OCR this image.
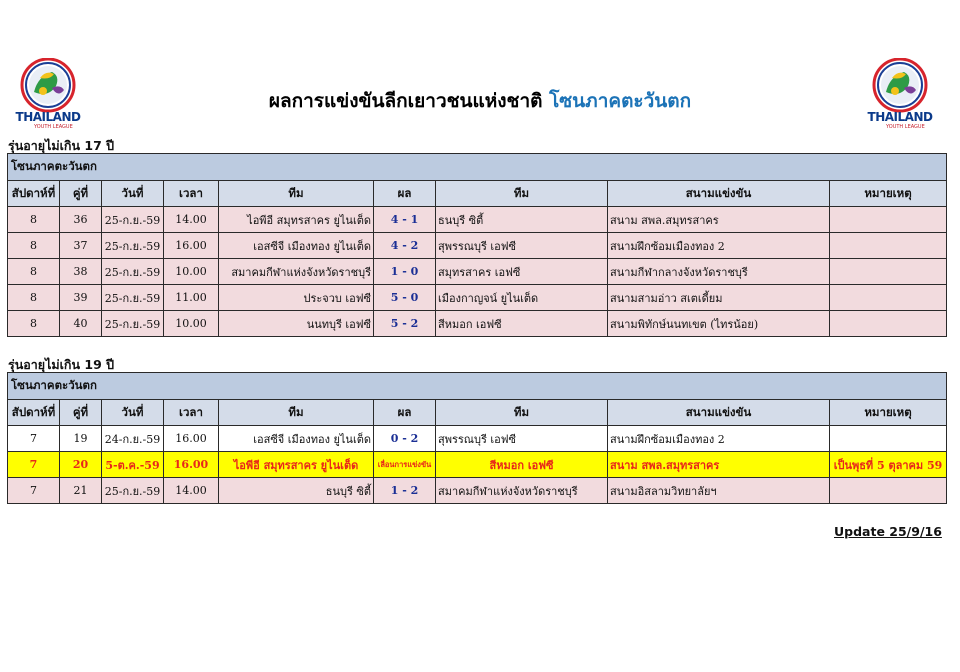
THAILAND
YOUTH LEAGUE
THAILAND
YOUTH LEAGUE
ผลการแข่งขันลีกเยาวชนแห่งชาติ โซนภาคตะวันตก
รุ่นอายุไม่เกิน 17 ปี
โซนภาคตะวันตก								
สัปดาห์ที่	คู่ที่	วันที่	เวลา	ทีม	ผล	ทีม	สนามแข่งขัน	หมายเหตุ
8	36	25-ก.ย.-59	14.00	ไอพีอี สมุทรสาคร ยูไนเต็ด	4 - 1	ธนบุรี ซิตี้	สนาม สพล.สมุทรสาคร	
8	37	25-ก.ย.-59	16.00	เอสซีจี เมืองทอง ยูไนเต็ด	4 - 2	สุพรรณบุรี เอฟซี	สนามฝึกซ้อมเมืองทอง 2	
8	38	25-ก.ย.-59	10.00	สมาคมกีฬาแห่งจังหวัดราชบุรี	1 - 0	สมุทรสาคร เอฟซี	สนามกีฬากลางจังหวัดราชบุรี	
8	39	25-ก.ย.-59	11.00	ประจวบ เอฟซี	5 - 0	เมืองกาญจน์ ยูไนเต็ด	สนามสามอ่าว สเตเดี้ยม	
8	40	25-ก.ย.-59	10.00	นนทบุรี เอฟซี	5 - 2	สีหมอก เอฟซี	สนามพิทักษ์นนทเขต (ไทรน้อย)	
รุ่นอายุไม่เกิน 19 ปี
โซนภาคตะวันตก								
สัปดาห์ที่	คู่ที่	วันที่	เวลา	ทีม	ผล	ทีม	สนามแข่งขัน	หมายเหตุ
7	19	24-ก.ย.-59	16.00	เอสซีจี เมืองทอง ยูไนเต็ด	0 - 2	สุพรรณบุรี เอฟซี	สนามฝึกซ้อมเมืองทอง 2	
7	20	5-ต.ค.-59	16.00	ไอพีอี สมุทรสาคร ยูไนเต็ด	เลื่อนการแข่งขัน	สีหมอก เอฟซี	สนาม สพล.สมุทรสาคร	เป็นพุธที่ 5 ตุลาคม 59
7	21	25-ก.ย.-59	14.00	ธนบุรี ซิตี้	1 - 2	สมาคมกีฬาแห่งจังหวัดราชบุรี	สนามอิสลามวิทยาลัยฯ	
Update 25/9/16
